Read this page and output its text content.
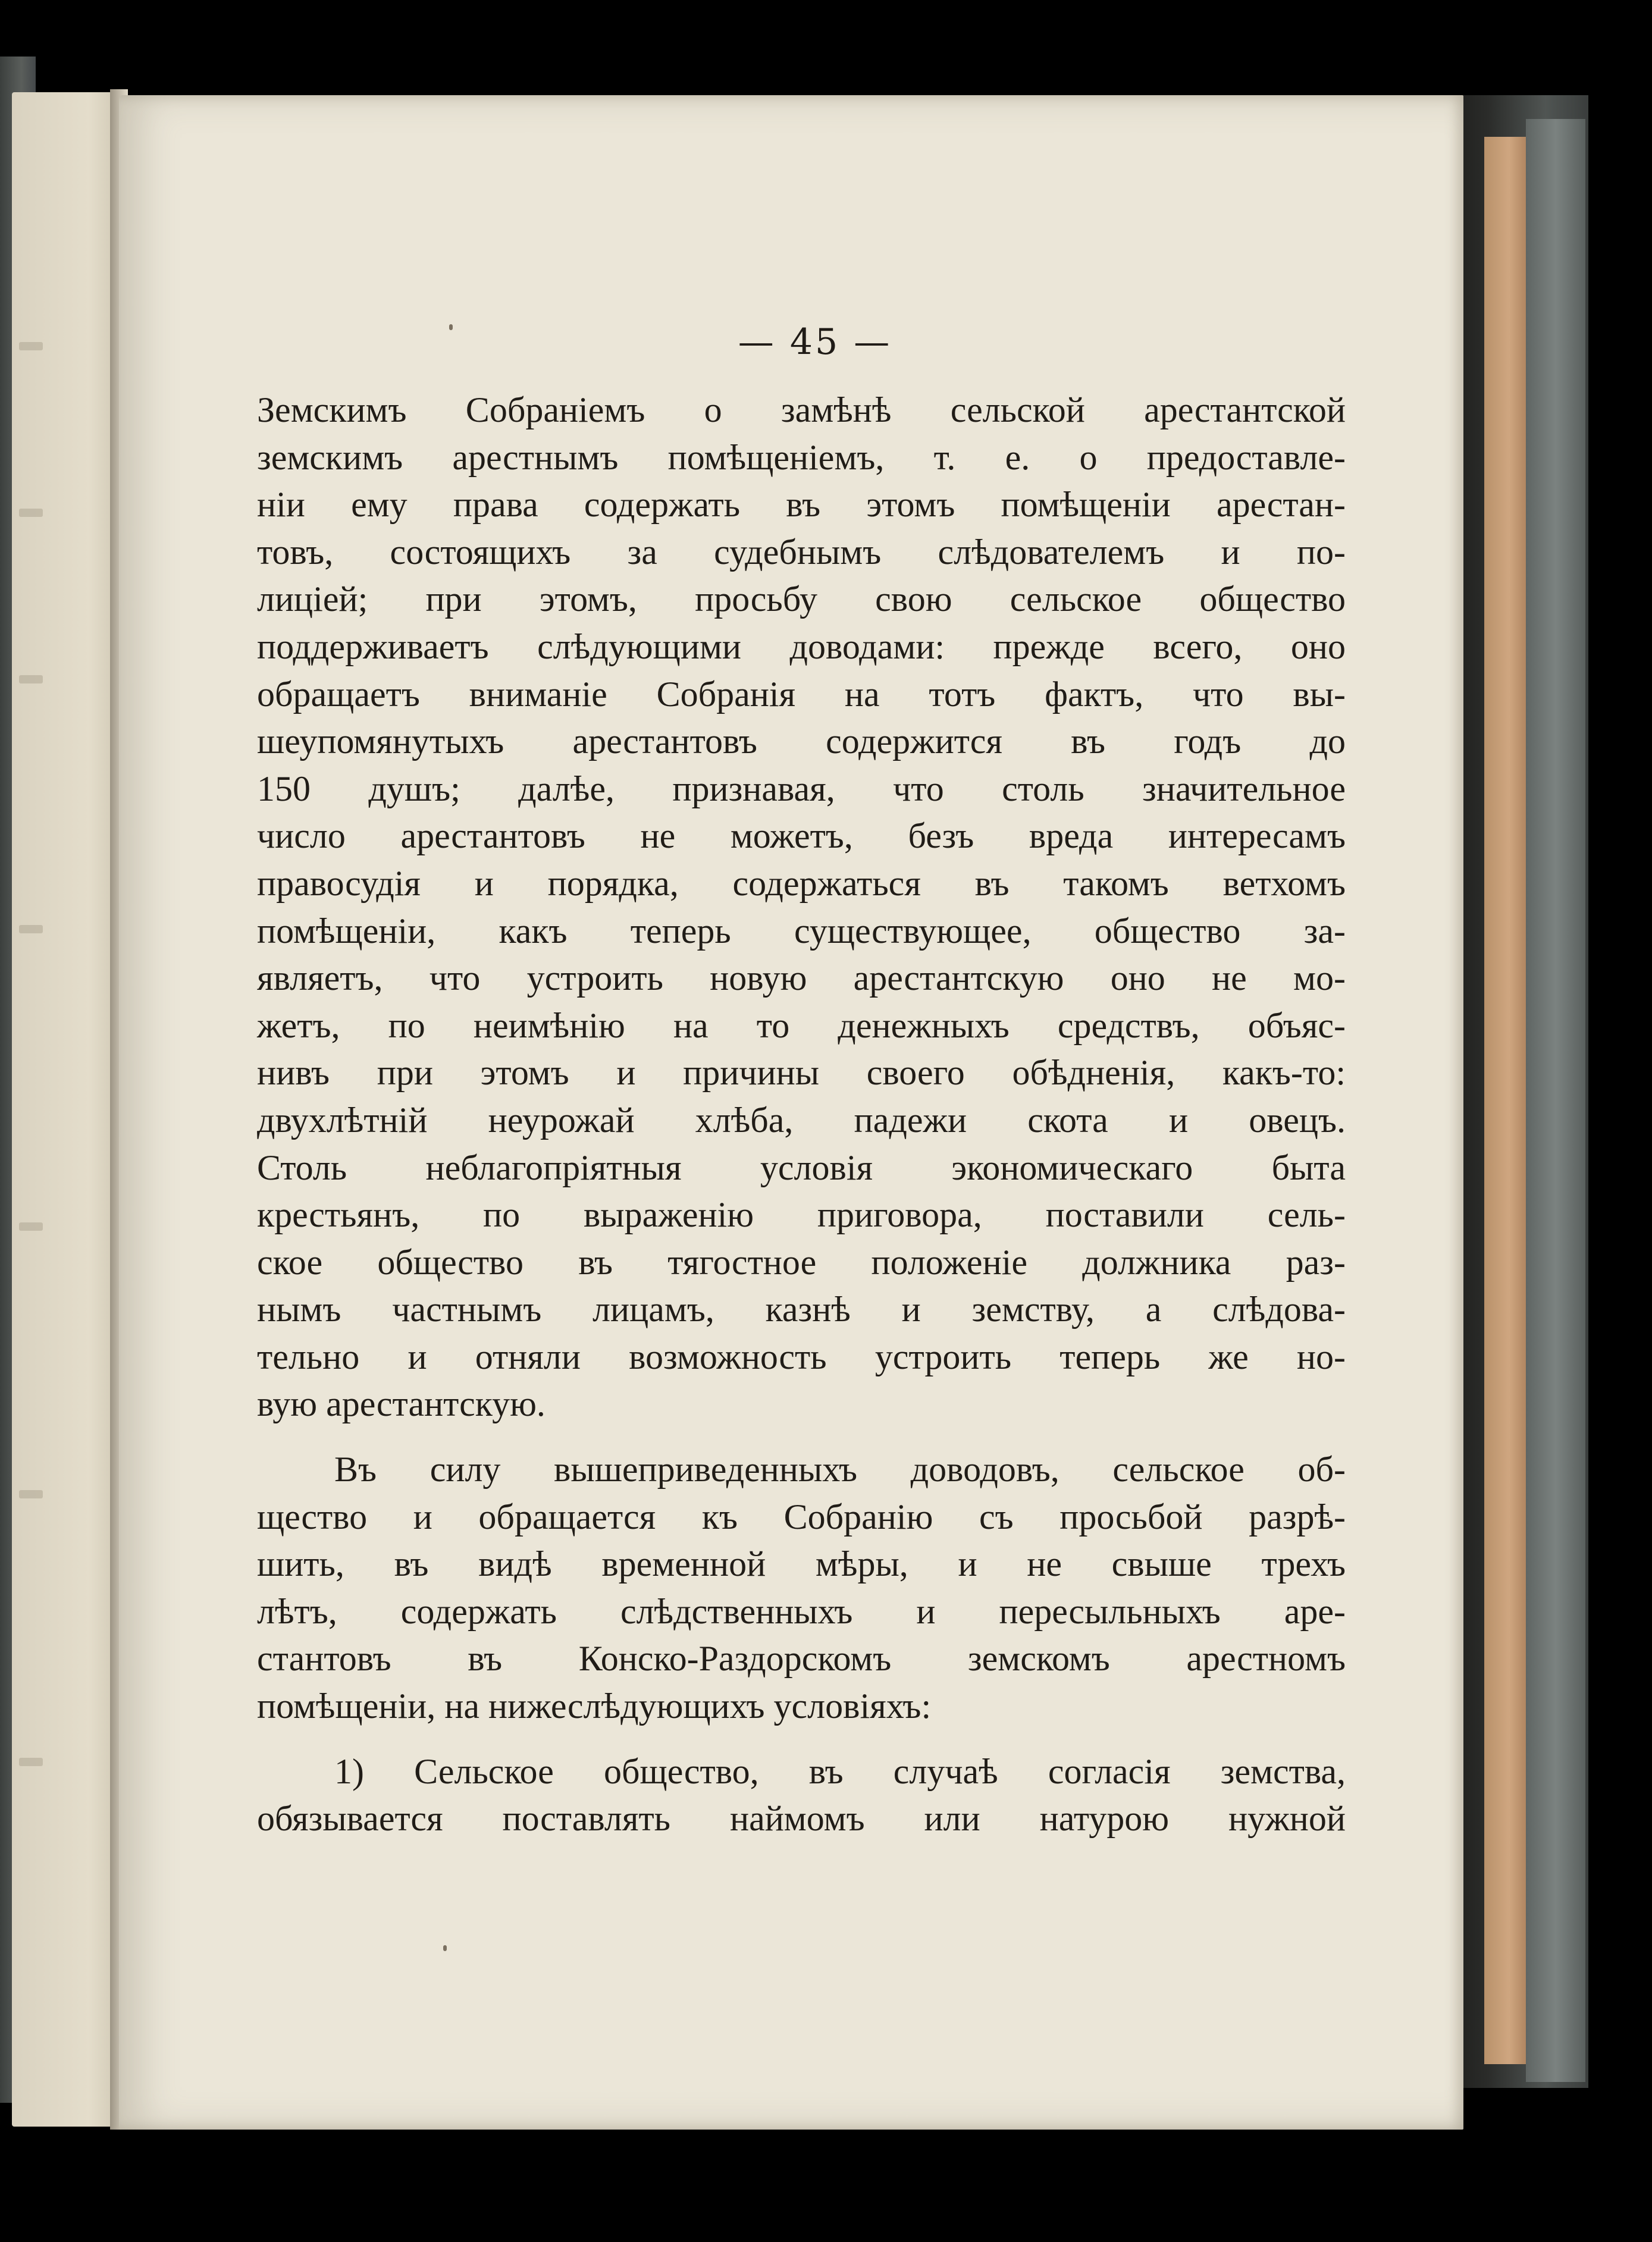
— 45 —
Земскимъ Собраніемъ о замѣнѣ сельской арестантской
земскимъ арестнымъ помѣщеніемъ, т. е. о предоставле-
ніи ему права содержать въ этомъ помѣщеніи арестан-
товъ, состоящихъ за судебнымъ слѣдователемъ и по-
лиціей; при этомъ, просьбу свою сельское общество
поддерживаетъ слѣдующими доводами: прежде всего, оно
обращаетъ вниманіе Собранія на тотъ фактъ, что вы-
шеупомянутыхъ арестантовъ содержится въ годъ до
150 душъ; далѣе, признавая, что столь значительное
число арестантовъ не можетъ, безъ вреда интересамъ
правосудія и порядка, содержаться въ такомъ ветхомъ
помѣщеніи, какъ теперь существующее, общество за-
являетъ, что устроить новую арестантскую оно не мо-
жетъ, по неимѣнію на то денежныхъ средствъ, объяс-
нивъ при этомъ и причины своего обѣдненія, какъ-то:
двухлѣтній неурожай хлѣба, падежи скота и овецъ.
Столь неблагопріятныя условія экономическаго быта
крестьянъ, по выраженію приговора, поставили сель-
ское общество въ тягостное положеніе должника раз-
нымъ частнымъ лицамъ, казнѣ и земству, а слѣдова-
тельно и отняли возможность устроить теперь же но-
вую арестантскую.
Въ силу вышеприведенныхъ доводовъ, сельское об-
щество и обращается къ Собранію съ просьбой разрѣ-
шить, въ видѣ временной мѣры, и не свыше трехъ
лѣтъ, содержать слѣдственныхъ и пересыльныхъ аре-
стантовъ въ Конско-Раздорскомъ земскомъ арестномъ
помѣщеніи, на нижеслѣдующихъ условіяхъ:
1) Сельское общество, въ случаѣ согласія земства,
обязывается поставлять наймомъ или натурою нужной
